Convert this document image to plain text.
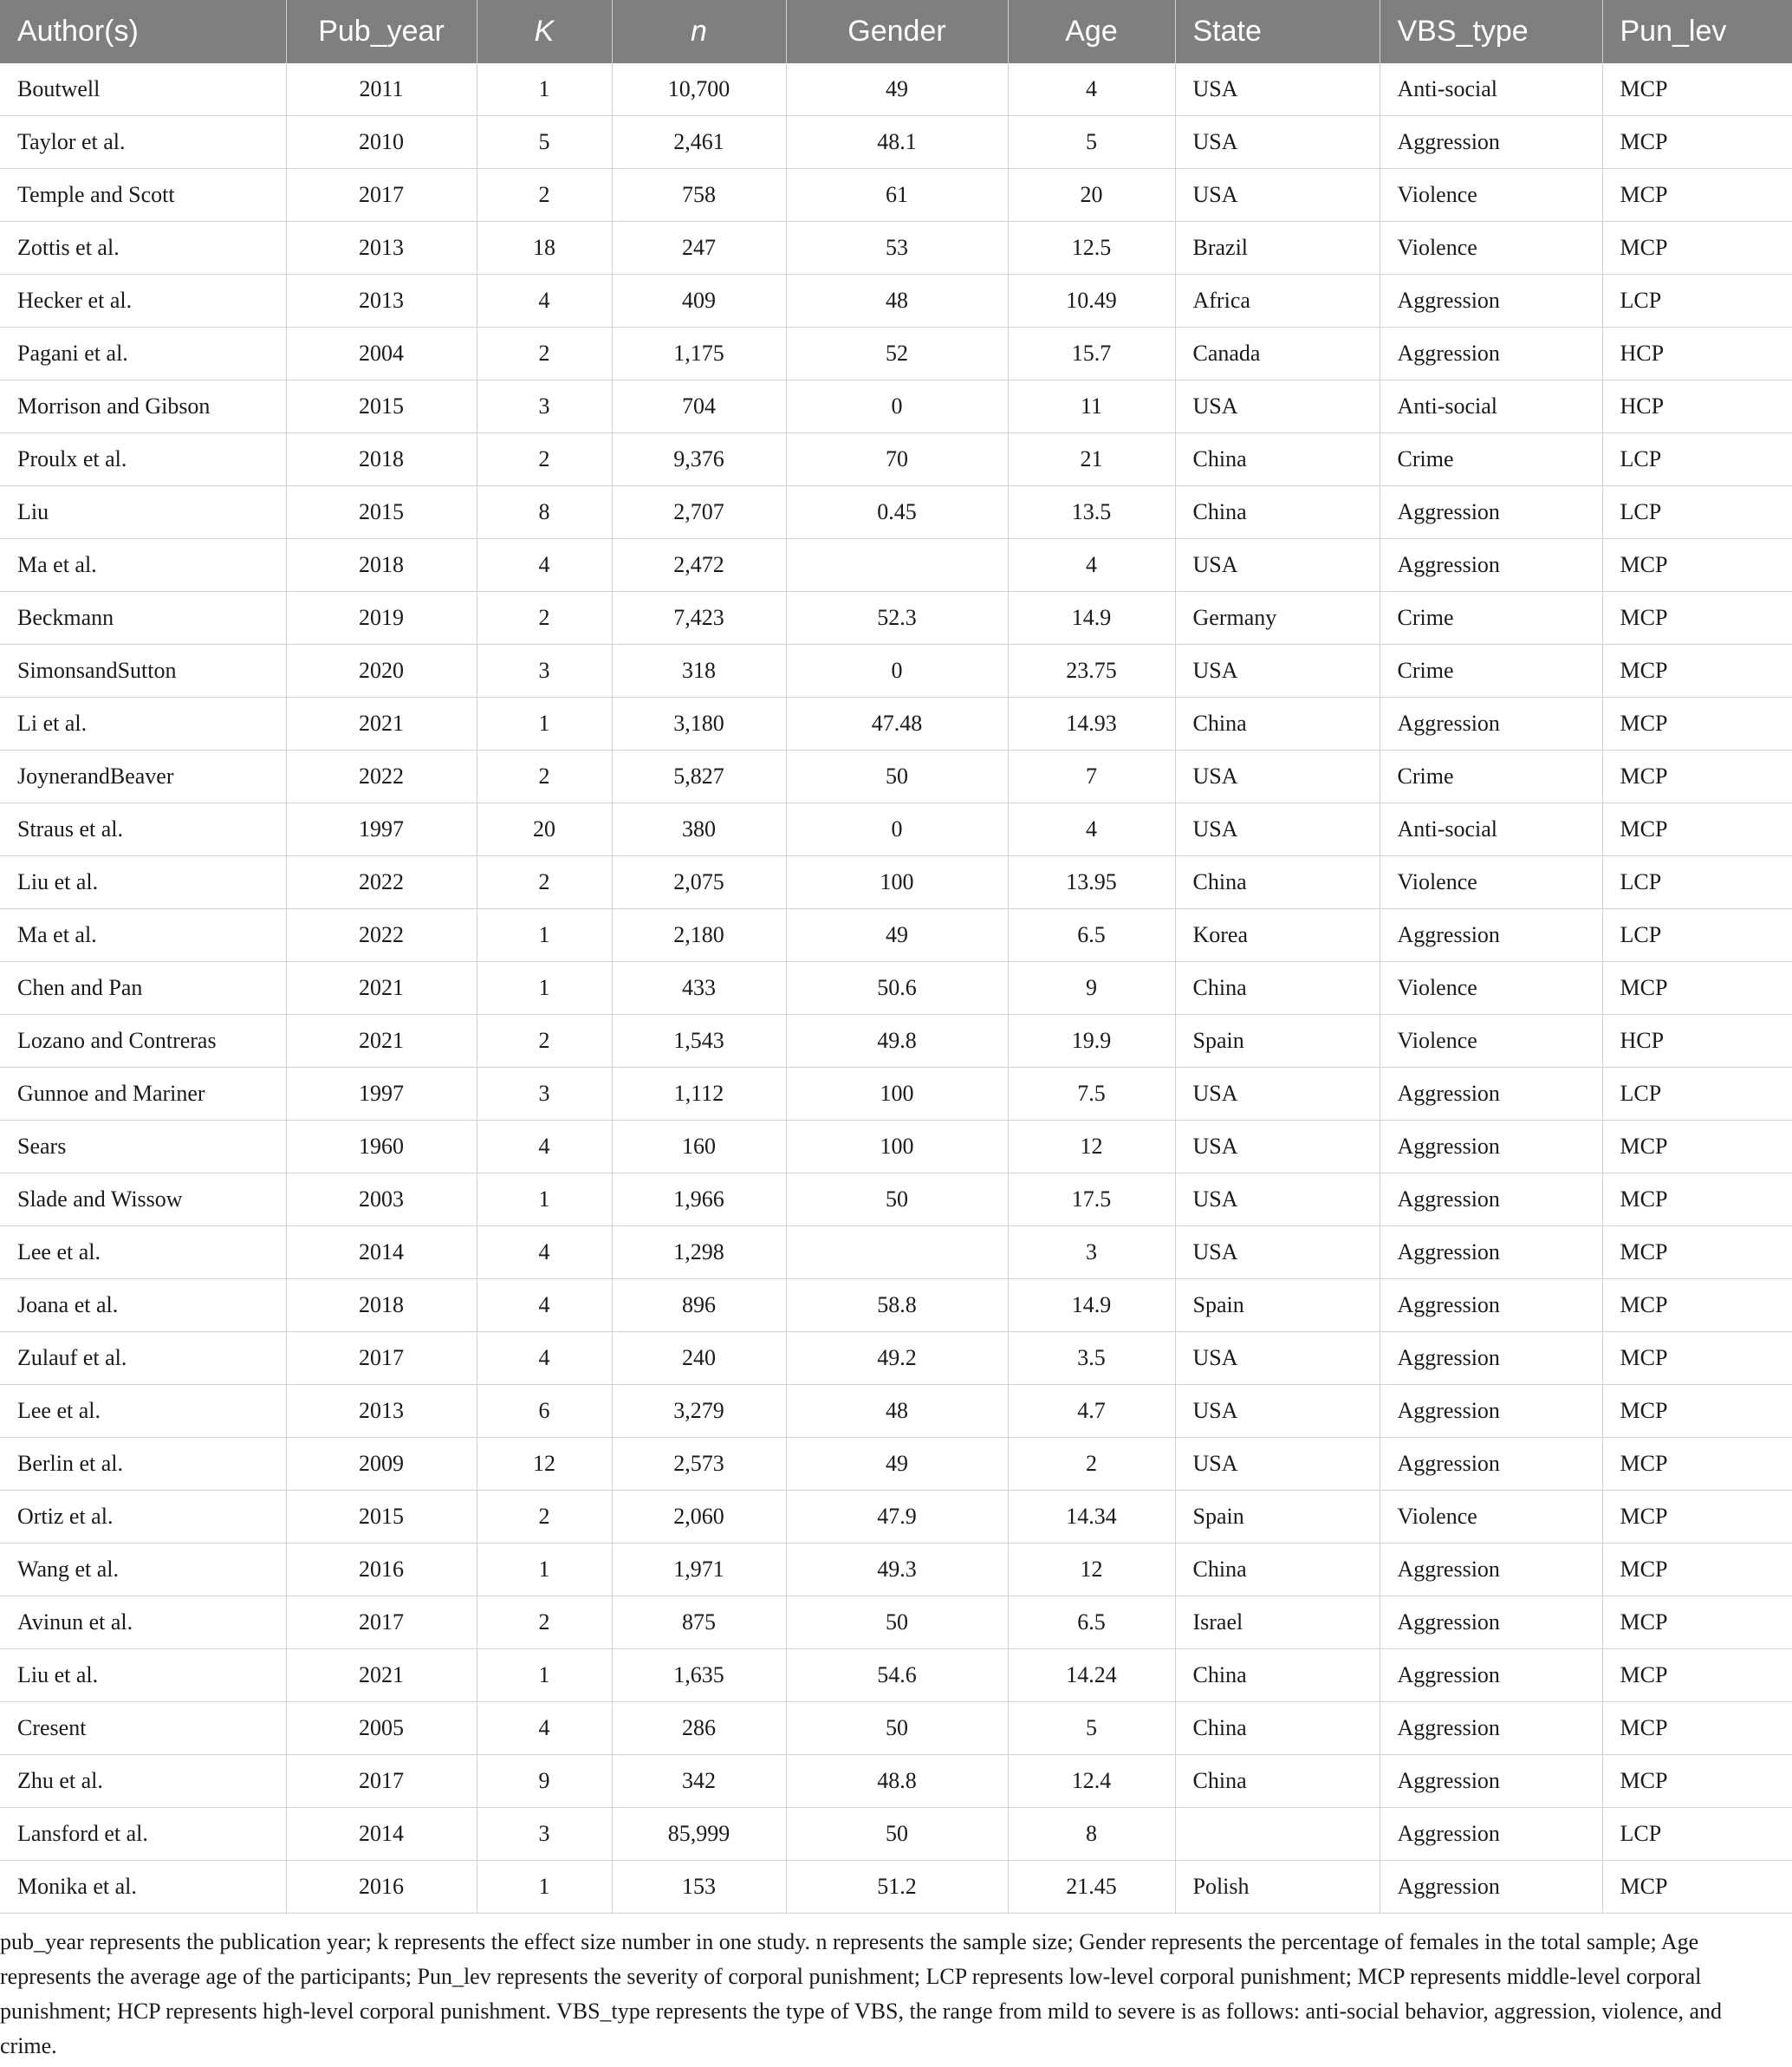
Author(s)	Pub_year	K	n	Gender	Age	State	VBS_type	Pun_lev
Boutwell	2011	1	10,700	49	4	USA	Anti-social	MCP
Taylor et al.	2010	5	2,461	48.1	5	USA	Aggression	MCP
Temple and Scott	2017	2	758	61	20	USA	Violence	MCP
Zottis et al.	2013	18	247	53	12.5	Brazil	Violence	MCP
Hecker et al.	2013	4	409	48	10.49	Africa	Aggression	LCP
Pagani et al.	2004	2	1,175	52	15.7	Canada	Aggression	HCP
Morrison and Gibson	2015	3	704	0	11	USA	Anti-social	HCP
Proulx et al.	2018	2	9,376	70	21	China	Crime	LCP
Liu	2015	8	2,707	0.45	13.5	China	Aggression	LCP
Ma et al.	2018	4	2,472		4	USA	Aggression	MCP
Beckmann	2019	2	7,423	52.3	14.9	Germany	Crime	MCP
SimonsandSutton	2020	3	318	0	23.75	USA	Crime	MCP
Li et al.	2021	1	3,180	47.48	14.93	China	Aggression	MCP
JoynerandBeaver	2022	2	5,827	50	7	USA	Crime	MCP
Straus et al.	1997	20	380	0	4	USA	Anti-social	MCP
Liu et al.	2022	2	2,075	100	13.95	China	Violence	LCP
Ma et al.	2022	1	2,180	49	6.5	Korea	Aggression	LCP
Chen and Pan	2021	1	433	50.6	9	China	Violence	MCP
Lozano and Contreras	2021	2	1,543	49.8	19.9	Spain	Violence	HCP
Gunnoe and Mariner	1997	3	1,112	100	7.5	USA	Aggression	LCP
Sears	1960	4	160	100	12	USA	Aggression	MCP
Slade and Wissow	2003	1	1,966	50	17.5	USA	Aggression	MCP
Lee et al.	2014	4	1,298		3	USA	Aggression	MCP
Joana et al.	2018	4	896	58.8	14.9	Spain	Aggression	MCP
Zulauf et al.	2017	4	240	49.2	3.5	USA	Aggression	MCP
Lee et al.	2013	6	3,279	48	4.7	USA	Aggression	MCP
Berlin et al.	2009	12	2,573	49	2	USA	Aggression	MCP
Ortiz et al.	2015	2	2,060	47.9	14.34	Spain	Violence	MCP
Wang et al.	2016	1	1,971	49.3	12	China	Aggression	MCP
Avinun et al.	2017	2	875	50	6.5	Israel	Aggression	MCP
Liu et al.	2021	1	1,635	54.6	14.24	China	Aggression	MCP
Cresent	2005	4	286	50	5	China	Aggression	MCP
Zhu et al.	2017	9	342	48.8	12.4	China	Aggression	MCP
Lansford et al.	2014	3	85,999	50	8		Aggression	LCP
Monika et al.	2016	1	153	51.2	21.45	Polish	Aggression	MCP

pub_year represents the publication year; k represents the effect size number in one study. n represents the sample size; Gender represents the percentage of females in the total sample; Age represents the average age of the participants; Pun_lev represents the severity of corporal punishment; LCP represents low-level corporal punishment; MCP represents middle-level corporal punishment; HCP represents high-level corporal punishment. VBS_type represents the type of VBS, the range from mild to severe is as follows: anti-social behavior, aggression, violence, and crime.
